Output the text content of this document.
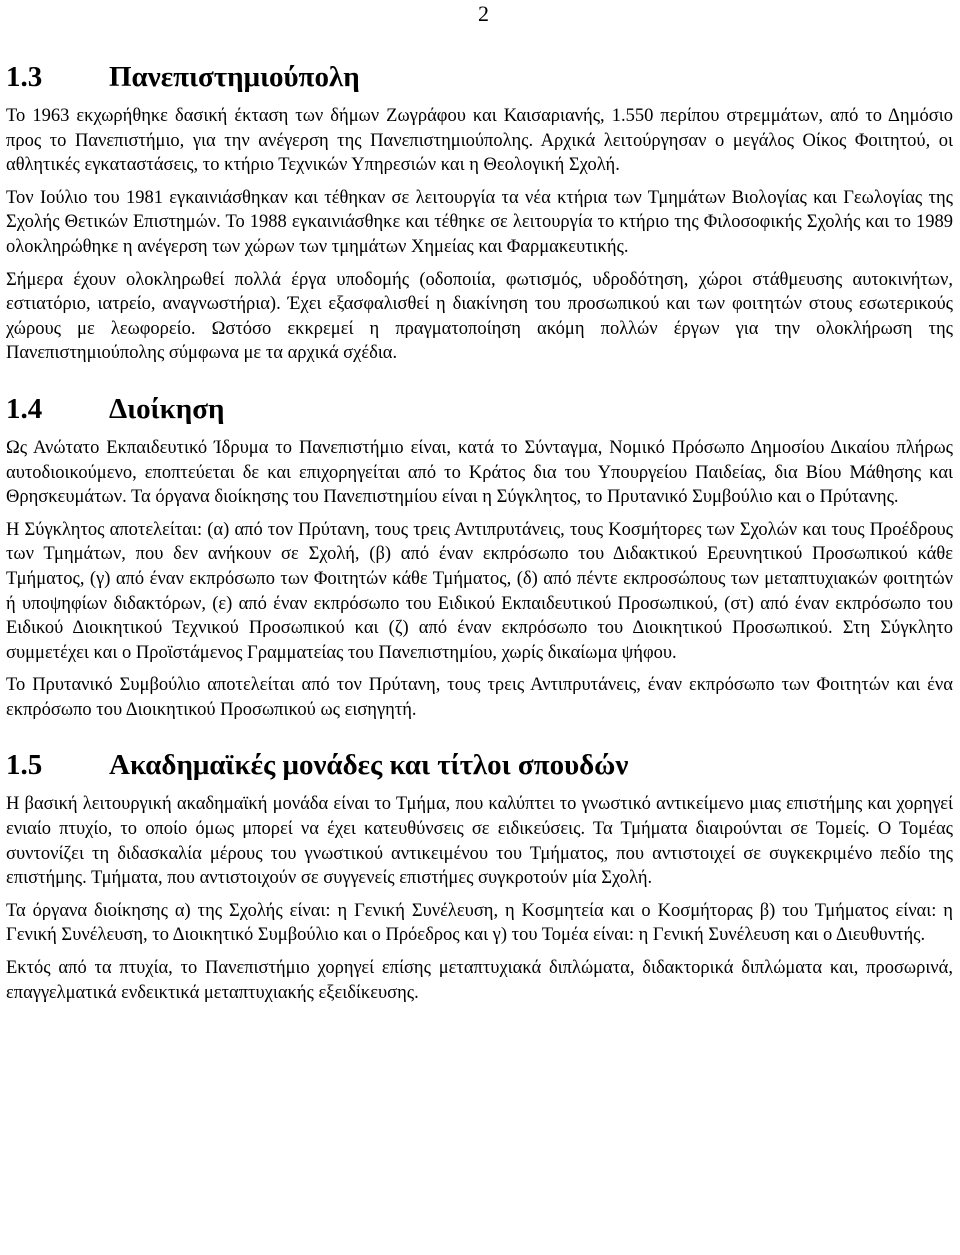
2
1.3 Πανεπιστημιούπολη

Το 1963 εκχωρήθηκε δασική έκταση των δήμων Ζωγράφου και Καισαριανής, 1.550 περίπου στρεμμάτων, από το Δημόσιο προς το Πανεπιστήμιο, για την ανέγερση της Πανεπιστημιούπολης. Αρχικά λειτούργησαν ο μεγάλος Οίκος Φοιτητού, οι αθλητικές εγκαταστάσεις, το κτήριο Τεχνικών Υπηρεσιών και η Θεολογική Σχολή.

Τον Ιούλιο του 1981 εγκαινιάσθηκαν και τέθηκαν σε λειτουργία τα νέα κτήρια των Τμημάτων Βιολογίας και Γεωλογίας της Σχολής Θετικών Επιστημών. Το 1988 εγκαινιάσθηκε και τέθηκε σε λειτουργία το κτήριο της Φιλοσοφικής Σχολής και το 1989 ολοκληρώθηκε η ανέγερση των χώρων των τμημάτων Χημείας και Φαρμακευτικής.

Σήμερα έχουν ολοκληρωθεί πολλά έργα υποδομής (οδοποιία, φωτισμός, υδροδότηση, χώροι στάθμευσης αυτοκινήτων, εστιατόριο, ιατρείο, αναγνωστήρια). Έχει εξασφαλισθεί η διακίνηση του προσωπικού και των φοιτητών στους εσωτερικούς χώρους με λεωφορείο. Ωστόσο εκκρεμεί η πραγματοποίηση ακόμη πολλών έργων για την ολοκλήρωση της Πανεπιστημιούπολης σύμφωνα με τα αρχικά σχέδια.

1.4 Διοίκηση

Ως Ανώτατο Εκπαιδευτικό Ίδρυμα το Πανεπιστήμιο είναι, κατά το Σύνταγμα, Νομικό Πρόσωπο Δημοσίου Δικαίου πλήρως αυτοδιοικούμενο, εποπτεύεται δε και επιχορηγείται από το Κράτος δια του Υπουργείου Παιδείας, δια Βίου Μάθησης και Θρησκευμάτων. Τα όργανα διοίκησης του Πανεπιστημίου είναι η Σύγκλητος, το Πρυτανικό Συμβούλιο και ο Πρύτανης.

Η Σύγκλητος αποτελείται: (α) από τον Πρύτανη, τους τρεις Αντιπρυτάνεις, τους Κοσμήτορες των Σχολών και τους Προέδρους των Τμημάτων, που δεν ανήκουν σε Σχολή, (β) από έναν εκπρόσωπο του Διδακτικού Ερευνητικού Προσωπικού κάθε Τμήματος, (γ) από έναν εκπρόσωπο των Φοιτητών κάθε Τμήματος, (δ) από πέντε εκπροσώπους των μεταπτυχιακών φοιτητών ή υποψηφίων διδακτόρων, (ε) από έναν εκπρόσωπο του Ειδικού Εκπαιδευτικού Προσωπικού, (στ) από έναν εκπρόσωπο του Ειδικού Διοικητικού Τεχνικού Προσωπικού και (ζ) από έναν εκπρόσωπο του Διοικητικού Προσωπικού. Στη Σύγκλητο συμμετέχει και ο Προϊστάμενος Γραμματείας του Πανεπιστημίου, χωρίς δικαίωμα ψήφου.

Το Πρυτανικό Συμβούλιο αποτελείται από τον Πρύτανη, τους τρεις Αντιπρυτάνεις, έναν εκπρόσωπο των Φοιτητών και ένα εκπρόσωπο του Διοικητικού Προσωπικού ως εισηγητή.

1.5 Ακαδημαϊκές μονάδες και τίτλοι σπουδών

Η βασική λειτουργική ακαδημαϊκή μονάδα είναι το Τμήμα, που καλύπτει το γνωστικό αντικείμενο μιας επιστήμης και χορηγεί ενιαίο πτυχίο, το οποίο όμως μπορεί να έχει κατευθύνσεις σε ειδικεύσεις. Τα Τμήματα διαιρούνται σε Τομείς. Ο Τομέας συντονίζει τη διδασκαλία μέρους του γνωστικού αντικειμένου του Τμήματος, που αντιστοιχεί σε συγκεκριμένο πεδίο της επιστήμης. Τμήματα, που αντιστοιχούν σε συγγενείς επιστήμες συγκροτούν μία Σχολή.

Τα όργανα διοίκησης α) της Σχολής είναι: η Γενική Συνέλευση, η Κοσμητεία και ο Κοσμήτορας β) του Τμήματος είναι: η Γενική Συνέλευση, το Διοικητικό Συμβούλιο και ο Πρόεδρος και γ) του Τομέα είναι: η Γενική Συνέλευση και ο Διευθυντής.

Εκτός από τα πτυχία, το Πανεπιστήμιο χορηγεί επίσης μεταπτυχιακά διπλώματα, διδακτορικά διπλώματα και, προσωρινά, επαγγελματικά ενδεικτικά μεταπτυχιακής εξειδίκευσης.
